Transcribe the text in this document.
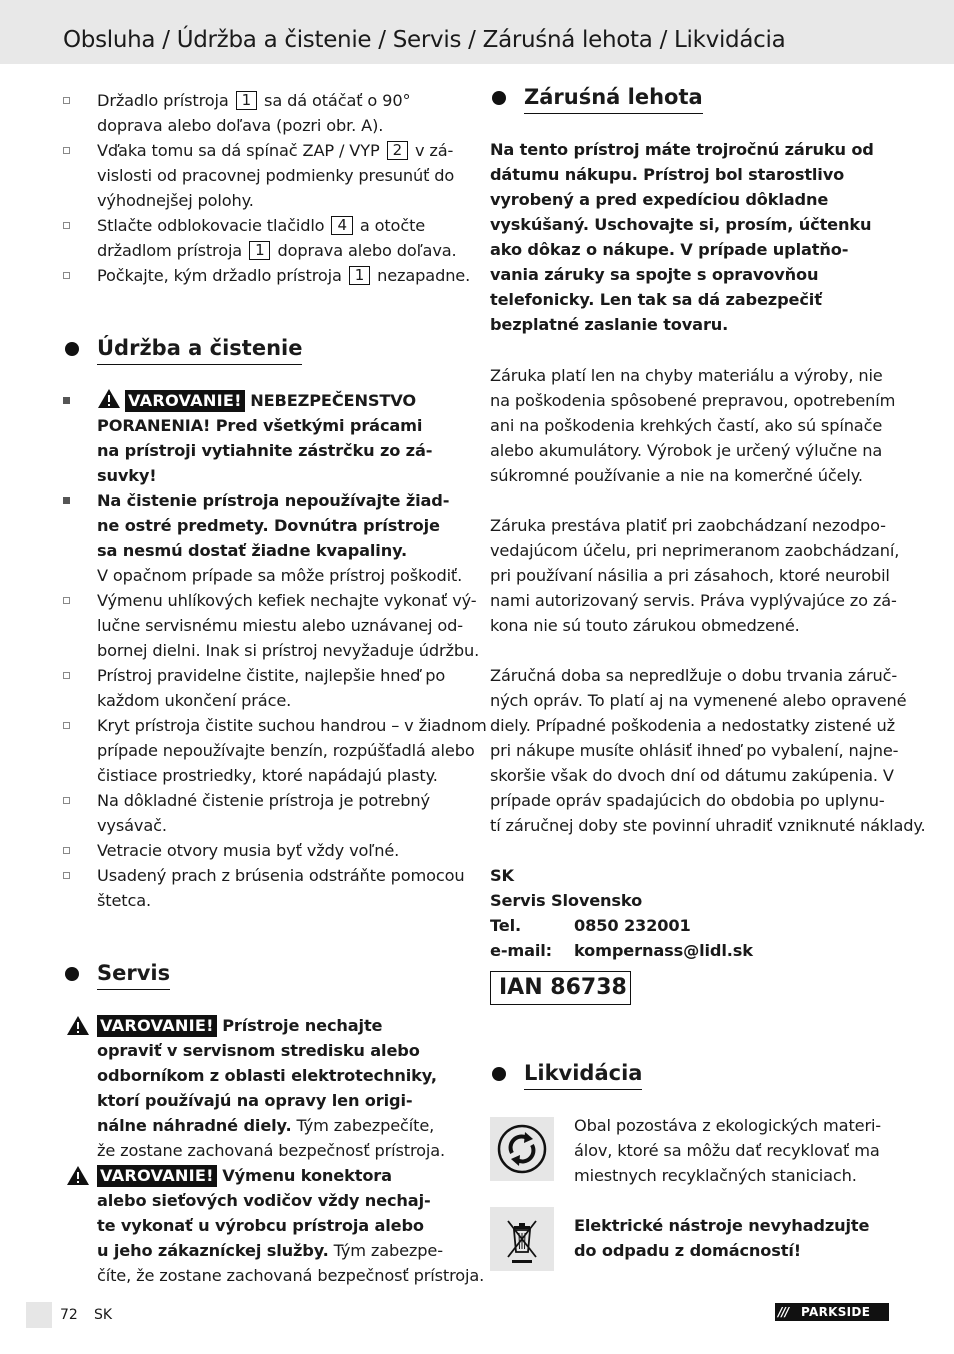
Obsluha / Údržba a čistenie / Servis / Záruśná lehota / Likvidácia
Držadlo prístroja 1 sa dá otáčať o 90°
doprava alebo doľava (pozri obr. A).
Vďaka tomu sa dá spínač ZAP / VYP 2 v zá-
vislosti od pracovnej podmienky presunúť do
výhodnejšej polohy.
Stlačte odblokovacie tlačidlo 4 a otočte
držadlom prístroja 1 doprava alebo doľava.
Počkajte, kým držadlo prístroja 1 nezapadne.
Údržba a čistenie
VAROVANIE! NEBEZPEČENSTVO
PORANENIA! Pred všetkými prácami
na prístroji vytiahnite zástrčku zo zá-
suvky!
Na čistenie prístroja nepoužívajte žiad-
ne ostré predmety. Dovnútra prístroje
sa nesmú dostať žiadne kvapaliny.
V opačnom prípade sa môže prístroj poškodiť.
Výmenu uhlíkových kefiek nechajte vykonať vý-
lučne servisnému miestu alebo uznávanej od-
bornej dielni. Inak si prístroj nevyžaduje údržbu.
Prístroj pravidelne čistite, najlepšie hneď po
každom ukončení práce.
Kryt prístroja čistite suchou handrou – v žiadnom
prípade nepoužívajte benzín, rozpúšťadlá alebo
čistiace prostriedky, ktoré napádajú plasty.
Na dôkladné čistenie prístroja je potrebný
vysávač.
Vetracie otvory musia byť vždy voľné.
Usadený prach z brúsenia odstráňte pomocou
štetca.
Servis
VAROVANIE! Prístroje nechajte
opraviť v servisnom stredisku alebo
odborníkom z oblasti elektrotechniky,
ktorí používajú na opravy len origi-
nálne náhradné diely. Tým zabezpečíte,
že zostane zachovaná bezpečnosť prístroja.
VAROVANIE! Výmenu konektora
alebo sieťových vodičov vždy nechaj-
te vykonať u výrobcu prístroja alebo
u jeho zákazníckej služby. Tým zabezpe-
číte, že zostane zachovaná bezpečnosť prístroja.
Záruśná lehota
Na tento prístroj máte trojročnú záruku od
dátumu nákupu. Prístroj bol starostlivo
vyrobený a pred expedíciou dôkladne
vyskúšaný. Uschovajte si, prosím, účtenku
ako dôkaz o nákupe. V prípade uplatňo-
vania záruky sa spojte s opravovňou
telefonicky. Len tak sa dá zabezpečiť
bezplatné zaslanie tovaru.
Záruka platí len na chyby materiálu a výroby, nie
na poškodenia spôsobené prepravou, opotrebením
ani na poškodenia krehkých častí, ako sú spínače
alebo akumulátory. Výrobok je určený výlučne na
súkromné používanie a nie na komerčné účely.
Záruka prestáva platiť pri zaobchádzaní nezodpo-
vedajúcom účelu, pri neprimeranom zaobchádzaní,
pri používaní násilia a pri zásahoch, ktoré neurobil
nami autorizovaný servis. Práva vyplývajúce zo zá-
kona nie sú touto zárukou obmedzené.
Záručná doba sa nepredlžuje o dobu trvania záruč-
ných opráv. To platí aj na vymenené alebo opravené
diely. Prípadné poškodenia a nedostatky zistené už
pri nákupe musíte ohlásiť ihneď po vybalení, najne-
skoršie však do dvoch dní od dátumu zakúpenia. V
prípade opráv spadajúcich do obdobia po uplynu-
tí záručnej doby ste povinní uhradiť vzniknuté náklady.
SK
Servis Slovensko
Tel.	0850 232001
e-mail: kompernass@lidl.sk
IAN 86738
Likvidácia
Obal pozostáva z ekologických materi-
álov, ktoré sa môžu dať recyklovať ma
miestnych recyklačných staniciach.
Elektrické nástroje nevyhadzujte
do odpadu z domácností!
72 SK	/// PARKSIDE
